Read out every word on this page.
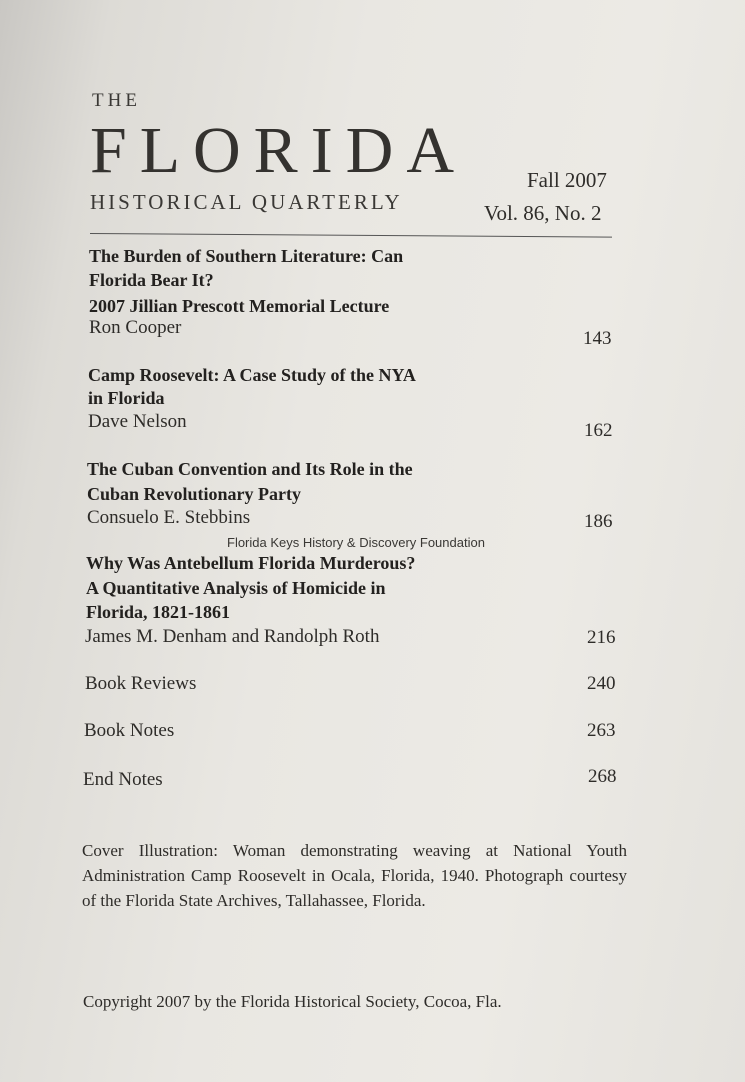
THE
FLORIDA
HISTORICAL QUARTERLY
Fall 2007
Vol. 86, No. 2
The Burden of Southern Literature: Can
Florida Bear It?
2007 Jillian Prescott Memorial Lecture
Ron Cooper
143
Camp Roosevelt: A Case Study of the NYA
in Florida
Dave Nelson	162
The Cuban Convention and Its Role in the
Cuban Revolutionary Party
Consuelo E. Stebbins	186
Florida Keys History & Discovery Foundation
Why Was Antebellum Florida Murderous?
A Quantitative Analysis of Homicide in
Florida, 1821-1861
James M. Denham and Randolph Roth	216
Book Reviews	240
Book Notes	263
End Notes	268
Cover Illustration: Woman demonstrating weaving at National Youth Administration Camp Roosevelt in Ocala, Florida, 1940. Photograph courtesy of the Florida State Archives, Tallahassee, Florida.
Copyright 2007 by the Florida Historical Society, Cocoa, Fla.
